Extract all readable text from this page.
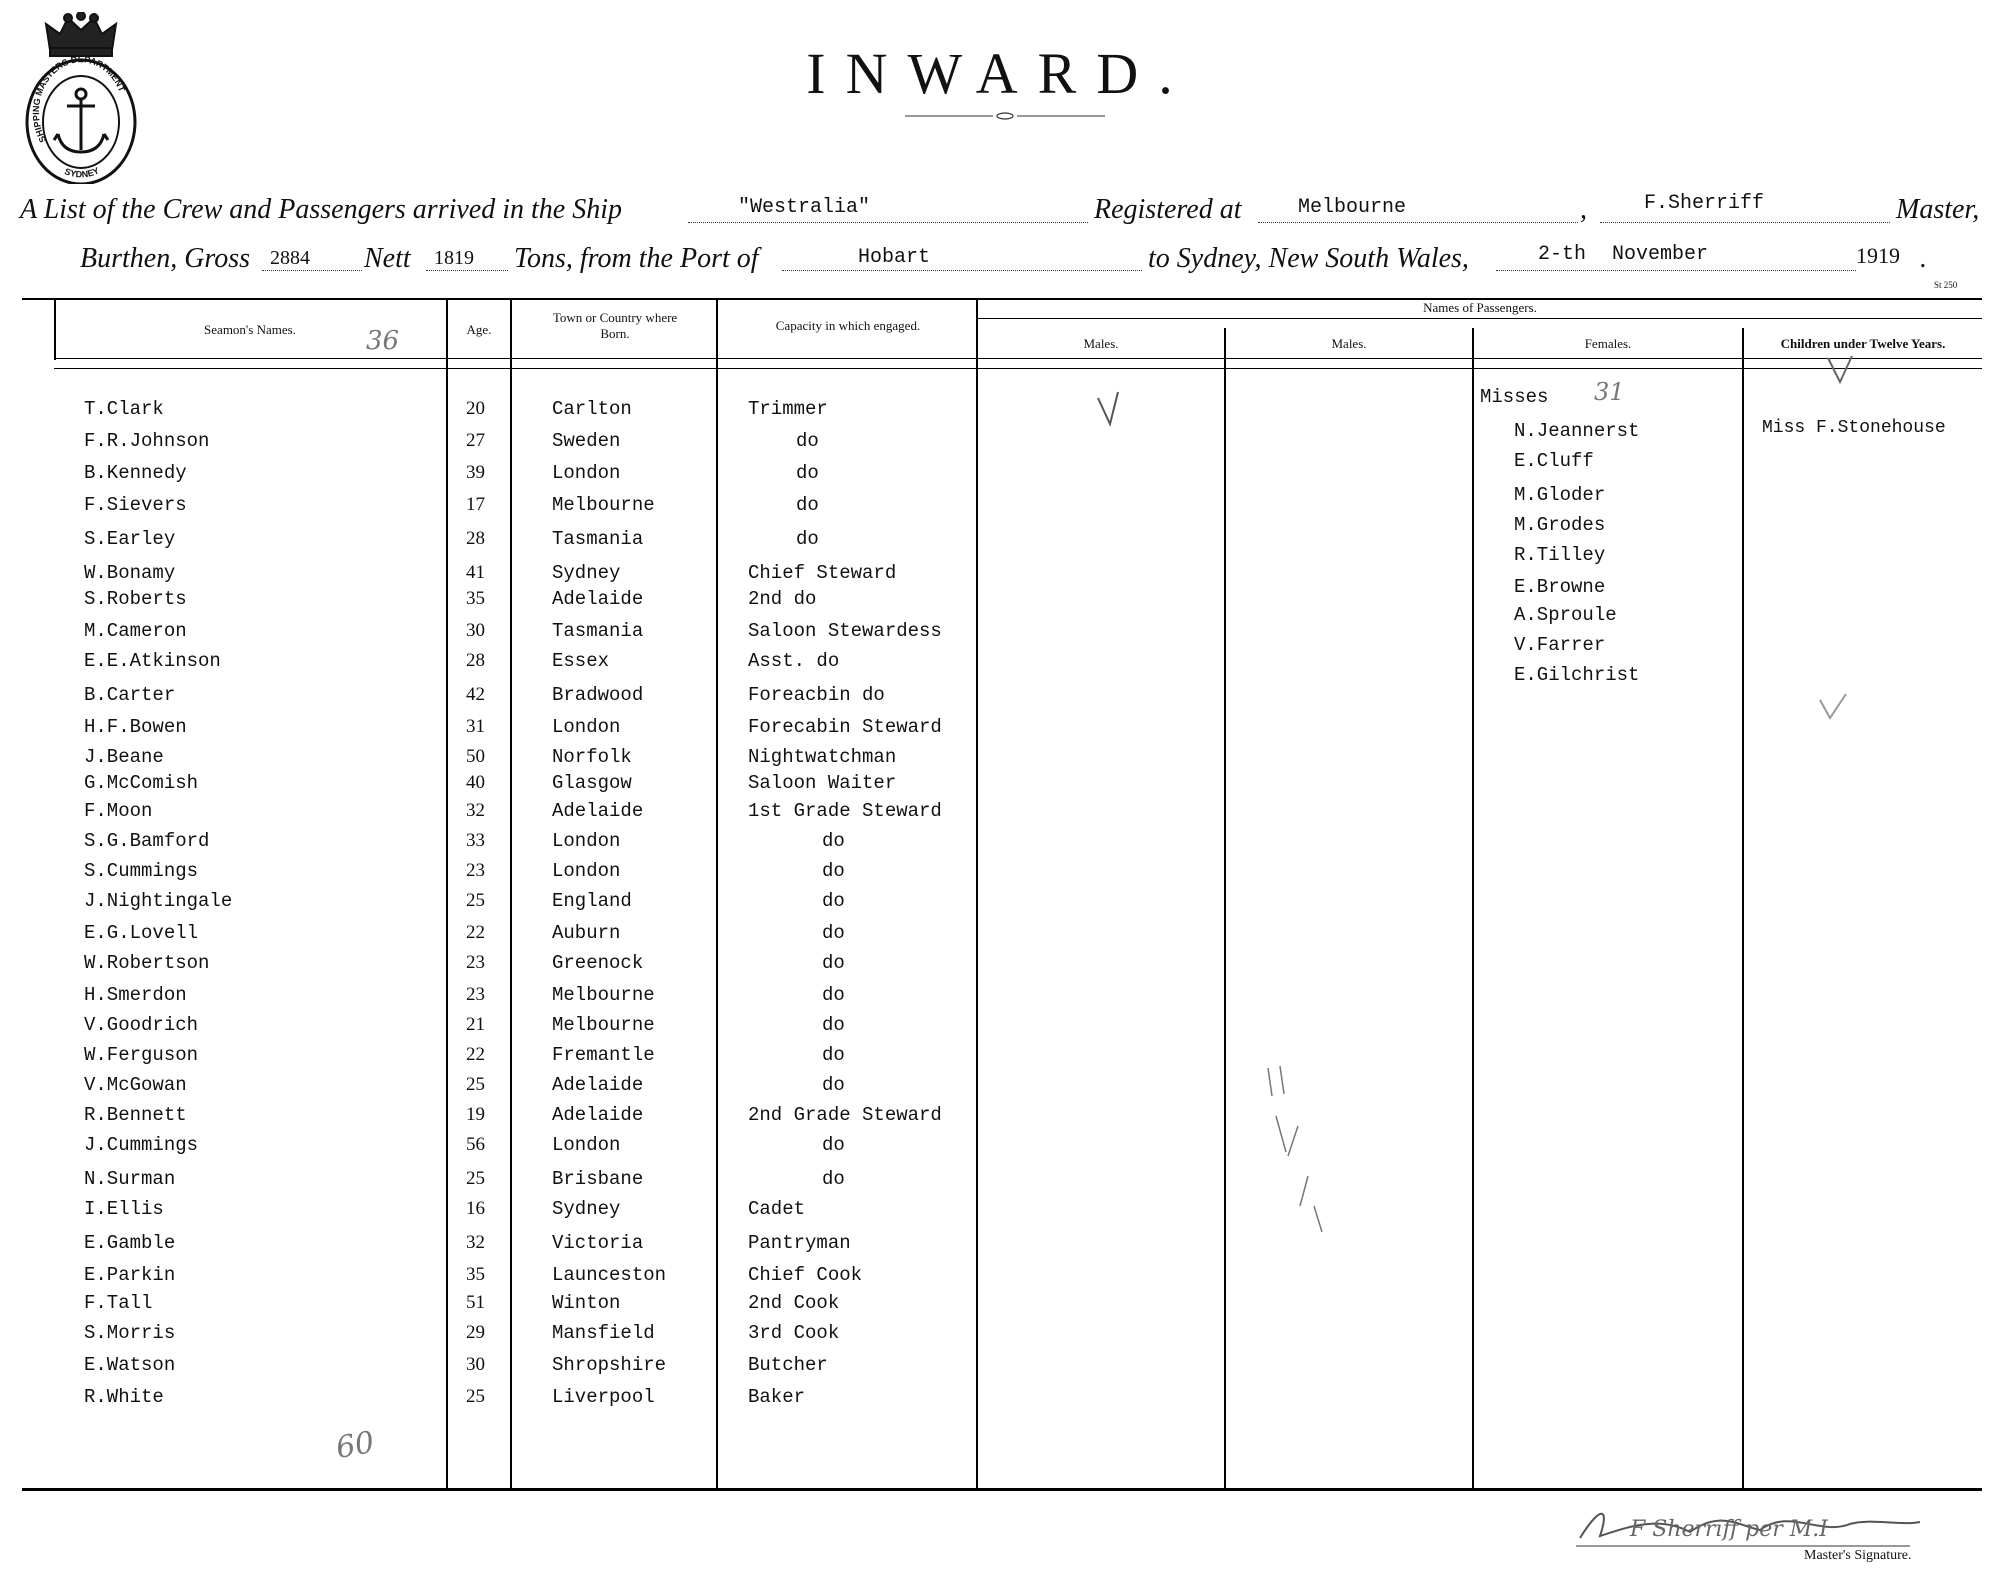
SHIPPING MASTERS DEPARTMENT
SYDNEY
INWARD.
A List of the Crew and Passengers arrived in the Ship	"Westralia"	Registered at	Melbourne	,	F.Sherriff	Master,
Burthen, Gross 2884 Nett 1819 Tons, from the Port of	Hobart	to Sydney, New South Wales,	2-th November	1919 .
St 250
Seamon's Names.	Age.
Town or Country where Born.
Capacity in which engaged.
Names of Passengers.
Males.	Males.	Females.	Children under Twelve Years.
T.Clark	20	Carlton	Trimmer
F.R.Johnson	27	Sweden	do
B.Kennedy	39	London	do
F.Sievers	17	Melbourne	do
S.Earley	28	Tasmania	do
W.Bonamy	41	Sydney	Chief Steward
S.Roberts	35	Adelaide	2nd do
M.Cameron	30	Tasmania	Saloon Stewardess
E.E.Atkinson	28	Essex	Asst. do
B.Carter	42	Bradwood	Foreacbin do
H.F.Bowen	31	London	Forecabin Steward
J.Beane	50	Norfolk	Nightwatchman
G.McComish	40	Glasgow	Saloon Waiter
F.Moon	32	Adelaide	1st Grade Steward
S.G.Bamford	33	London	do
S.Cummings	23	London	do
J.Nightingale	25	England	do
E.G.Lovell	22	Auburn	do
W.Robertson	23	Greenock	do
H.Smerdon	23	Melbourne	do
V.Goodrich	21	Melbourne	do
W.Ferguson	22	Fremantle	do
V.McGowan	25	Adelaide	do
R.Bennett	19	Adelaide	2nd Grade Steward
J.Cummings	56	London	do
N.Surman	25	Brisbane	do
I.Ellis	16	Sydney	Cadet
E.Gamble	32	Victoria	Pantryman
E.Parkin	35	Launceston	Chief Cook
F.Tall	51	Winton	2nd Cook
S.Morris	29	Mansfield	3rd Cook
E.Watson	30	Shropshire	Butcher
R.White	25	Liverpool	Baker
Misses
N.Jeannerst
E.Cluff
M.Gloder
M.Grodes
R.Tilley
E.Browne
A.Sproule
V.Farrer
E.Gilchrist
Miss F.Stonehouse
36
31
60
F Sherriff per M.I
Master's Signature.
